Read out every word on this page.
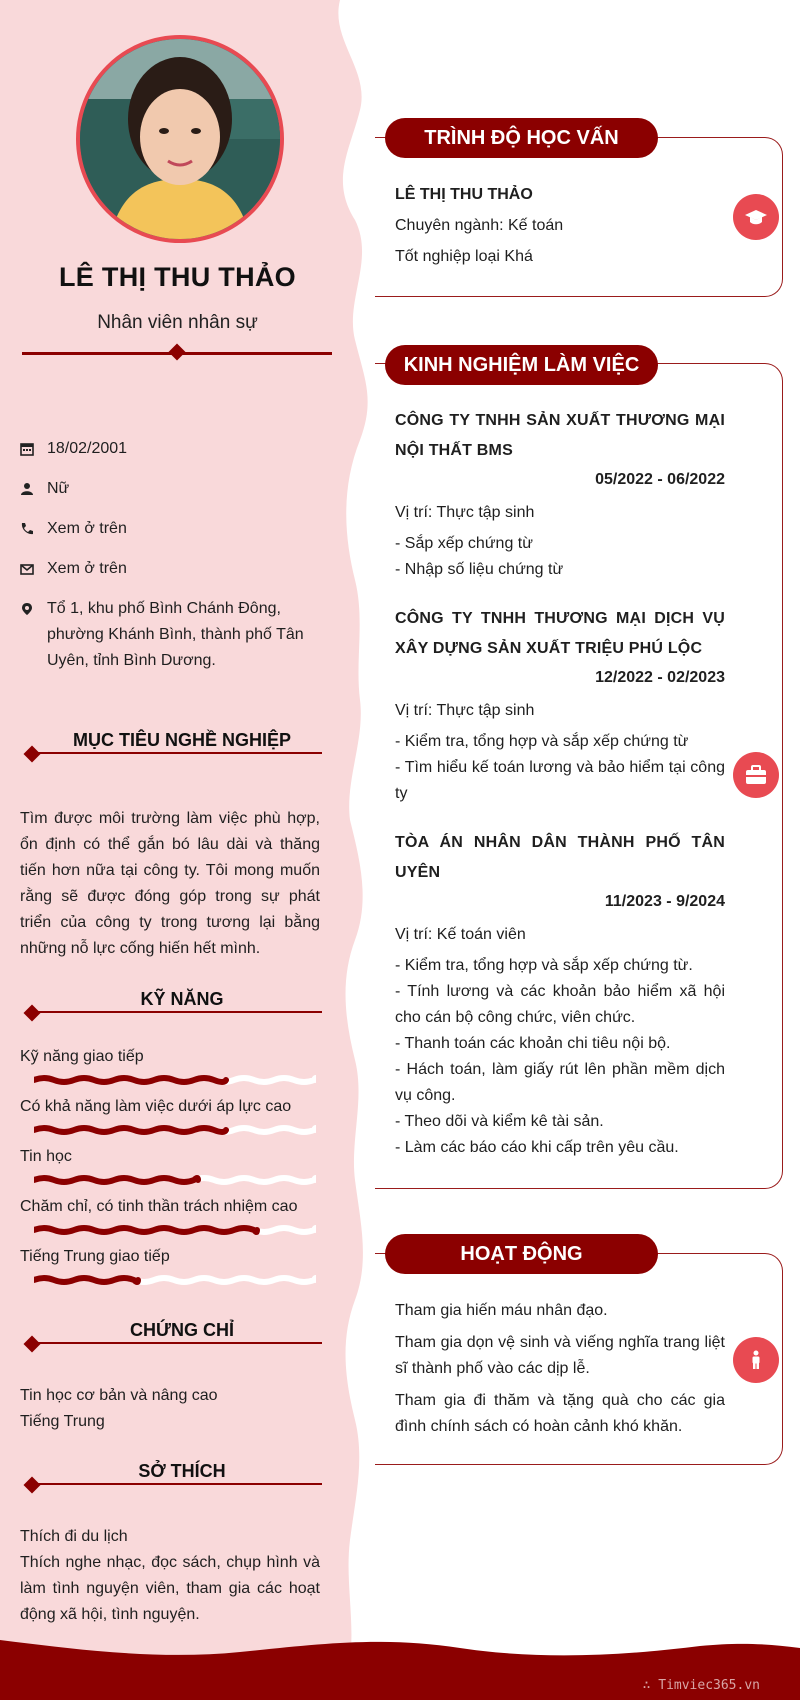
LÊ THỊ THU THẢO
Nhân viên nhân sự
18/02/2001
Nữ
Xem ở trên
Xem ở trên
Tổ 1, khu phố Bình Chánh Đông, phường Khánh Bình, thành phố Tân Uyên, tỉnh Bình Dương.
MỤC TIÊU NGHỀ NGHIỆP
Tìm được môi trường làm việc phù hợp, ổn định có thể gắn bó lâu dài và thăng tiến hơn nữa tại công ty. Tôi mong muốn rằng sẽ được đóng góp trong sự phát triển của công ty trong tương lại bằng những nỗ lực cống hiến hết mình.
KỸ NĂNG
Kỹ năng giao tiếp
Có khả năng làm việc dưới áp lực cao
Tin học
Chăm chỉ, có tinh thần trách nhiệm cao
Tiếng Trung giao tiếp
CHỨNG CHỈ
Tin học cơ bản và nâng cao
Tiếng Trung
SỞ THÍCH
Thích đi du lịch
Thích nghe nhạc, đọc sách, chụp hình và làm tình nguyện viên, tham gia các hoạt động xã hội, tình nguyện.
TRÌNH ĐỘ HỌC VẤN
LÊ THỊ THU THẢO
Chuyên ngành: Kế toán
Tốt nghiệp loại Khá
KINH NGHIỆM LÀM VIỆC
CÔNG TY TNHH SẢN XUẤT THƯƠNG MẠI NỘI THẤT BMS
05/2022 - 06/2022
Vị trí: Thực tập sinh
- Sắp xếp chứng từ
- Nhập số liệu chứng từ
CÔNG TY TNHH THƯƠNG MẠI DỊCH VỤ XÂY DỰNG SẢN XUẤT TRIỆU PHÚ LỘC
12/2022 - 02/2023
Vị trí: Thực tập sinh
- Kiểm tra, tổng hợp và sắp xếp chứng từ
- Tìm hiểu kế toán lương và bảo hiểm tại công ty
TÒA ÁN NHÂN DÂN THÀNH PHỐ TÂN UYÊN
11/2023 - 9/2024
Vị trí: Kế toán viên
- Kiểm tra, tổng hợp và sắp xếp chứng từ.
- Tính lương và các khoản bảo hiểm xã hội cho cán bộ công chức, viên chức.
- Thanh toán các khoản chi tiêu nội bộ.
- Hách toán, làm giấy rút lên phần mềm dịch vụ công.
- Theo dõi và kiểm kê tài sản.
- Làm các báo cáo khi cấp trên yêu cầu.
HOẠT ĐỘNG

Tham gia hiến máu nhân đạo.

Tham gia dọn vệ sinh và viếng nghĩa trang liệt sĩ thành phố vào các dịp lễ.

Tham gia đi thăm và tặng quà cho các gia đình chính sách có hoàn cảnh khó khăn.

∴ Timviec365.vn
